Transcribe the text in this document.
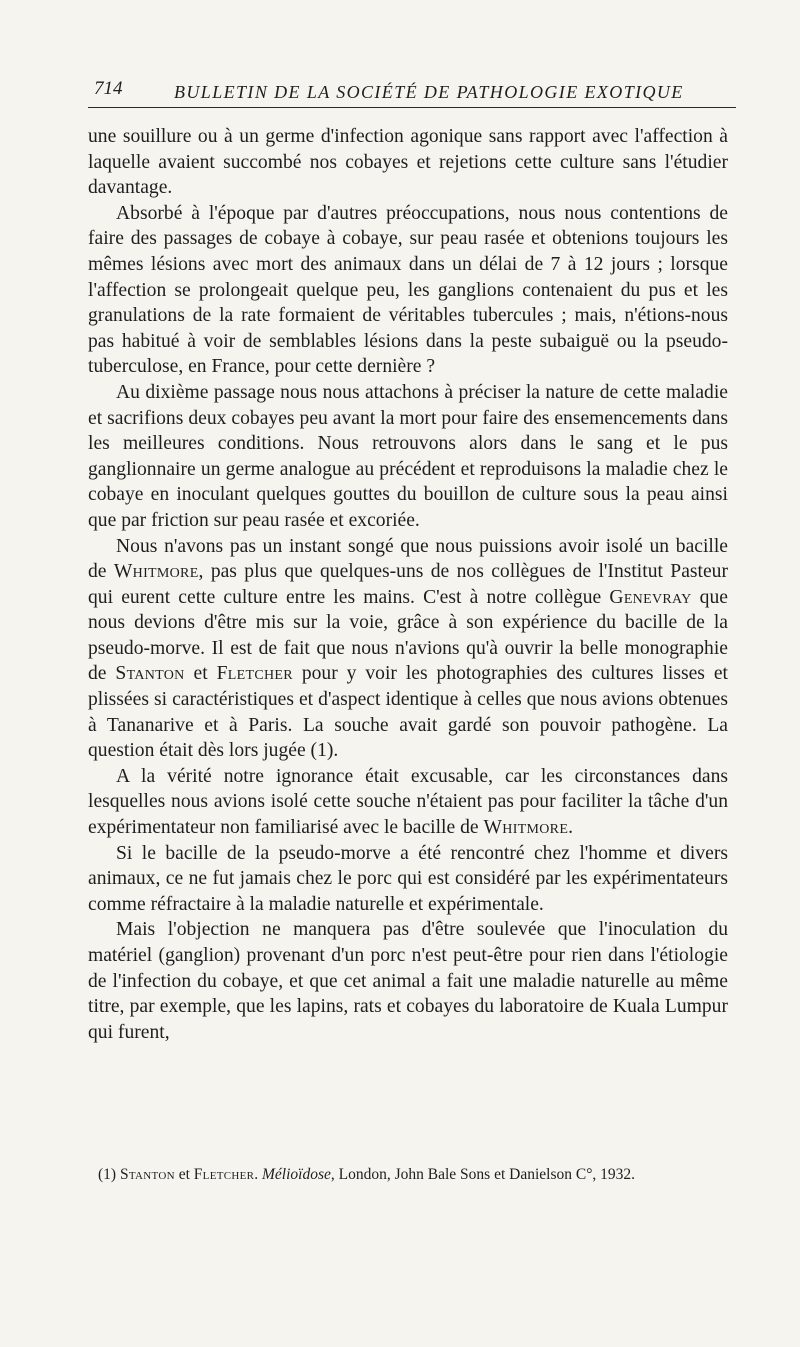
714	BULLETIN DE LA SOCIÉTÉ DE PATHOLOGIE EXOTIQUE

une souillure ou à un germe d'infection agonique sans rapport avec l'affection à laquelle avaient succombé nos cobayes et rejetions cette culture sans l'étudier davantage.

Absorbé à l'époque par d'autres préoccupations, nous nous contentions de faire des passages de cobaye à cobaye, sur peau rasée et obtenions toujours les mêmes lésions avec mort des animaux dans un délai de 7 à 12 jours ; lorsque l'affection se prolongeait quelque peu, les ganglions contenaient du pus et les granulations de la rate formaient de véritables tubercules ; mais, n'étions-nous pas habitué à voir de semblables lésions dans la peste subaiguë ou la pseudo-tuberculose, en France, pour cette dernière ?

Au dixième passage nous nous attachons à préciser la nature de cette maladie et sacrifions deux cobayes peu avant la mort pour faire des ensemencements dans les meilleures conditions. Nous retrouvons alors dans le sang et le pus ganglionnaire un germe analogue au précédent et reproduisons la maladie chez le cobaye en inoculant quelques gouttes du bouillon de culture sous la peau ainsi que par friction sur peau rasée et excoriée.

Nous n'avons pas un instant songé que nous puissions avoir isolé un bacille de Whitmore, pas plus que quelques-uns de nos collègues de l'Institut Pasteur qui eurent cette culture entre les mains. C'est à notre collègue Genevray que nous devions d'être mis sur la voie, grâce à son expérience du bacille de la pseudo-morve. Il est de fait que nous n'avions qu'à ouvrir la belle monographie de Stanton et Fletcher pour y voir les photographies des cultures lisses et plissées si caractéristiques et d'aspect identique à celles que nous avions obtenues à Tananarive et à Paris. La souche avait gardé son pouvoir pathogène. La question était dès lors jugée (1).

A la vérité notre ignorance était excusable, car les circonstances dans lesquelles nous avions isolé cette souche n'étaient pas pour faciliter la tâche d'un expérimentateur non familiarisé avec le bacille de Whitmore.

Si le bacille de la pseudo-morve a été rencontré chez l'homme et divers animaux, ce ne fut jamais chez le porc qui est considéré par les expérimentateurs comme réfractaire à la maladie naturelle et expérimentale.

Mais l'objection ne manquera pas d'être soulevée que l'inoculation du matériel (ganglion) provenant d'un porc n'est peut-être pour rien dans l'étiologie de l'infection du cobaye, et que cet animal a fait une maladie naturelle au même titre, par exemple, que les lapins, rats et cobayes du laboratoire de Kuala Lumpur qui furent,

(1) Stanton et Fletcher. Mélioïdose, London, John Bale Sons et Danielson C°, 1932.
